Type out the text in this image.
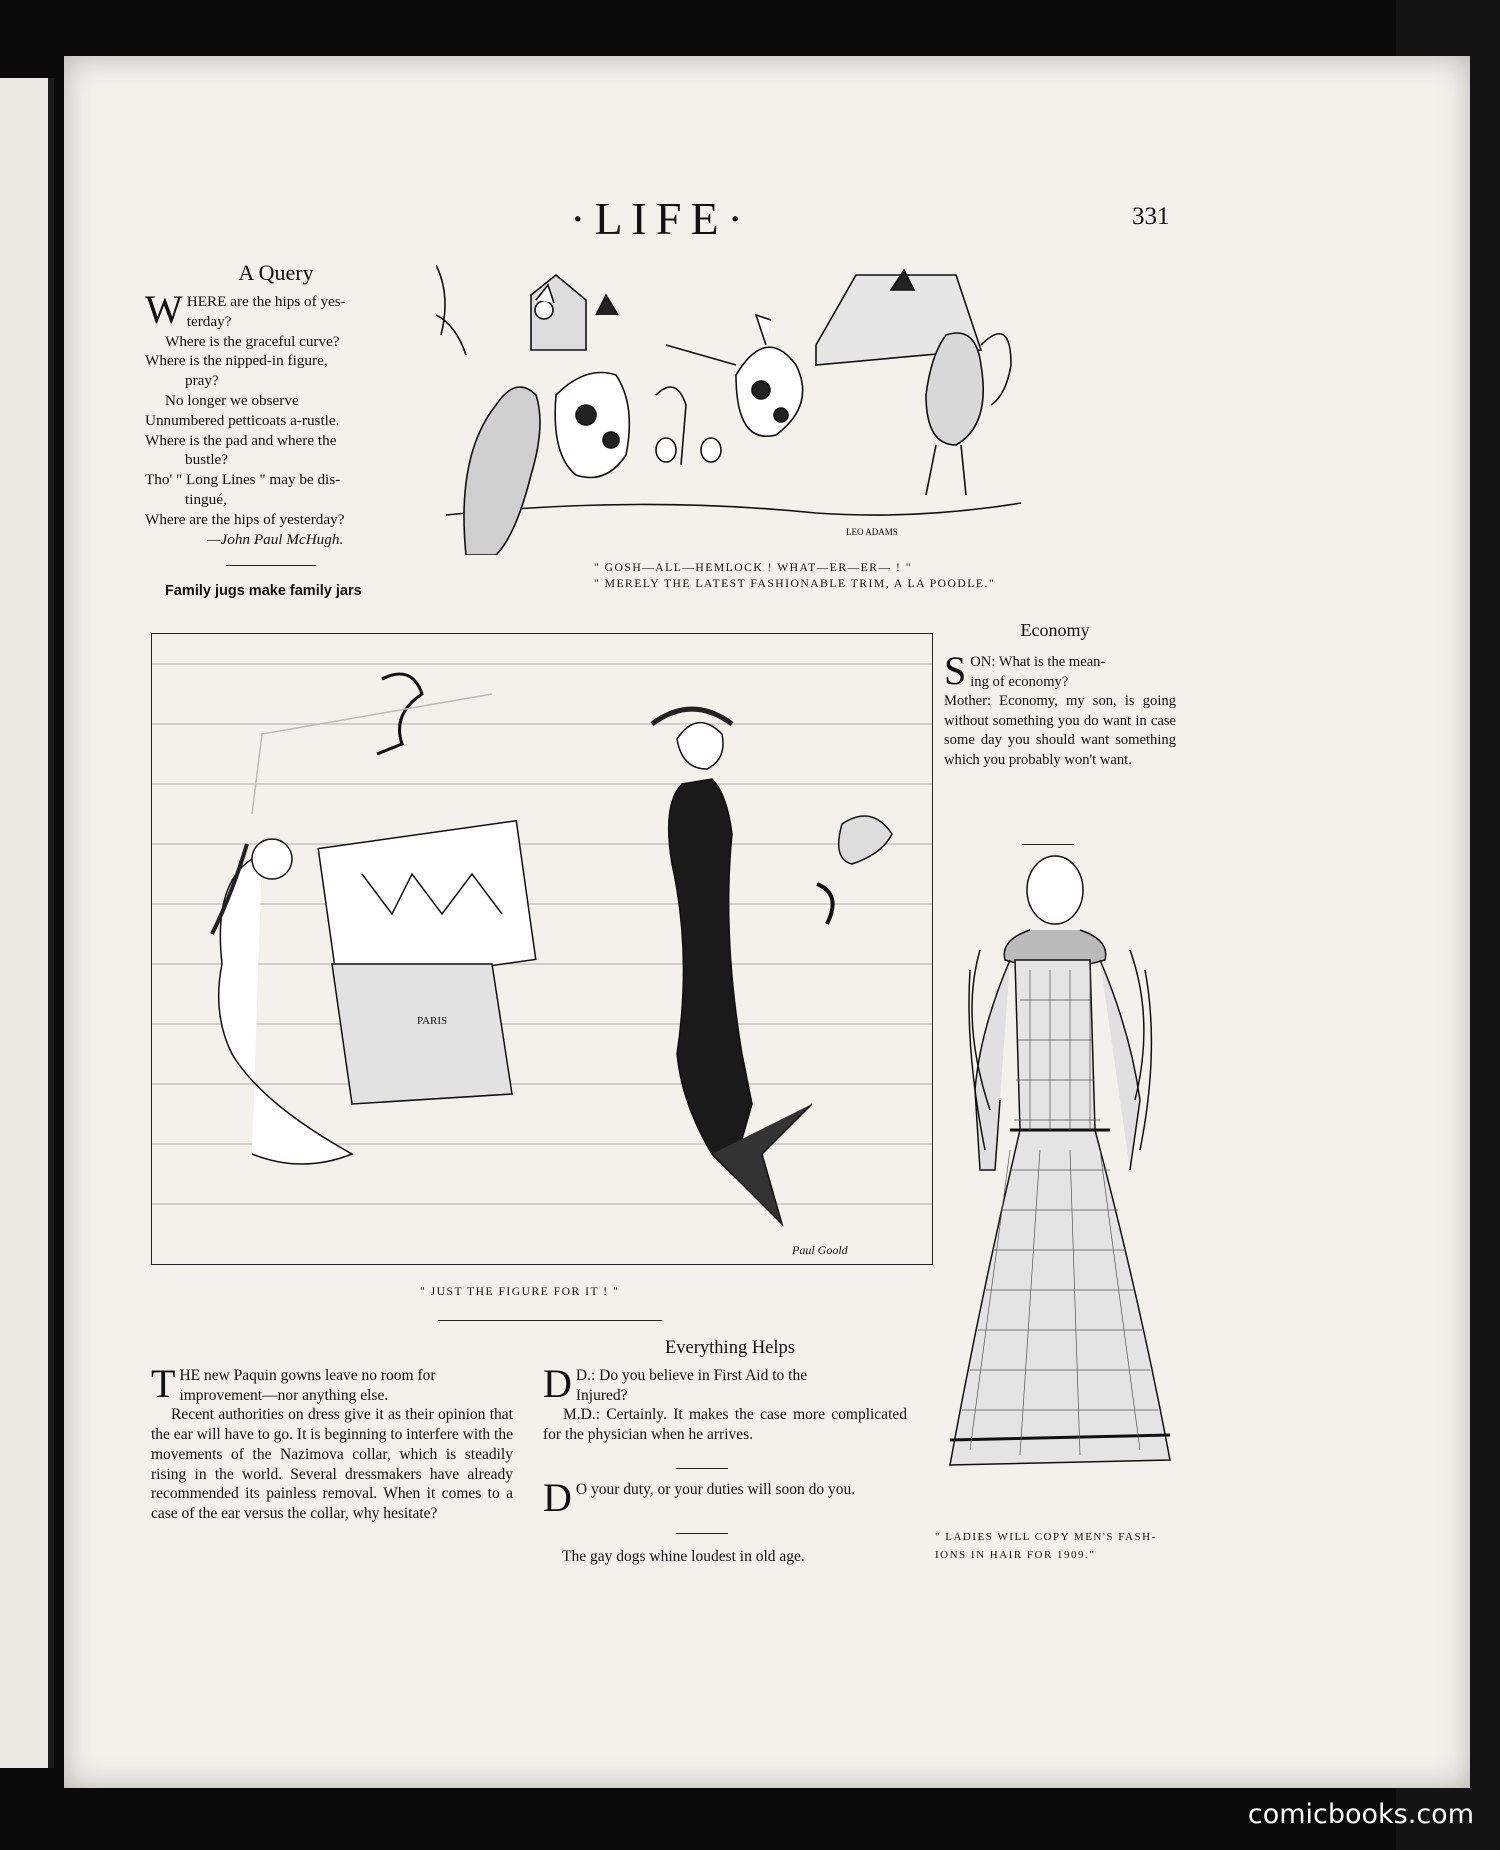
·LIFE·	331
A Query
W HERE are the hips of yes-

terday?

Where is the graceful curve?

Where is the nipped-in figure,

pray?

No longer we observe

Unnumbered petticoats a-rustle.

Where is the pad and where the

bustle?

Tho' " Long Lines " may be dis-

tingué,

Where are the hips of yesterday?

—John Paul McHugh.

Family jugs make family jars
LEO ADAMS
" GOSH—ALL—HEMLOCK ! WHAT—ER—ER— ! "
" MERELY THE LATEST FASHIONABLE TRIM, A LA POODLE."
PARIS
Paul Goold
" JUST THE FIGURE FOR IT ! "
Economy
S ON: What is the mean-

ing of economy?

Mother: Economy, my son, is going without something you do want in case some day you should want something which you probably won't want.

" LADIES WILL COPY MEN'S FASH-
IONS IN HAIR FOR 1909."
T HE new Paquin gowns leave no room for

improvement—nor anything else.

Recent authorities on dress give it as their opinion that the ear will have to go. It is beginning to interfere with the movements of the Nazimova collar, which is steadily rising in the world. Several dressmakers have already recommended its painless removal. When it comes to a case of the ear versus the collar, why hesitate?

Everything Helps
D D.: Do you believe in First Aid to the

Injured?

M.D.: Certainly. It makes the case more complicated for the physician when he arrives.

D O your duty, or your duties will soon do you.

The gay dogs whine loudest in old age.
comicbooks.com
